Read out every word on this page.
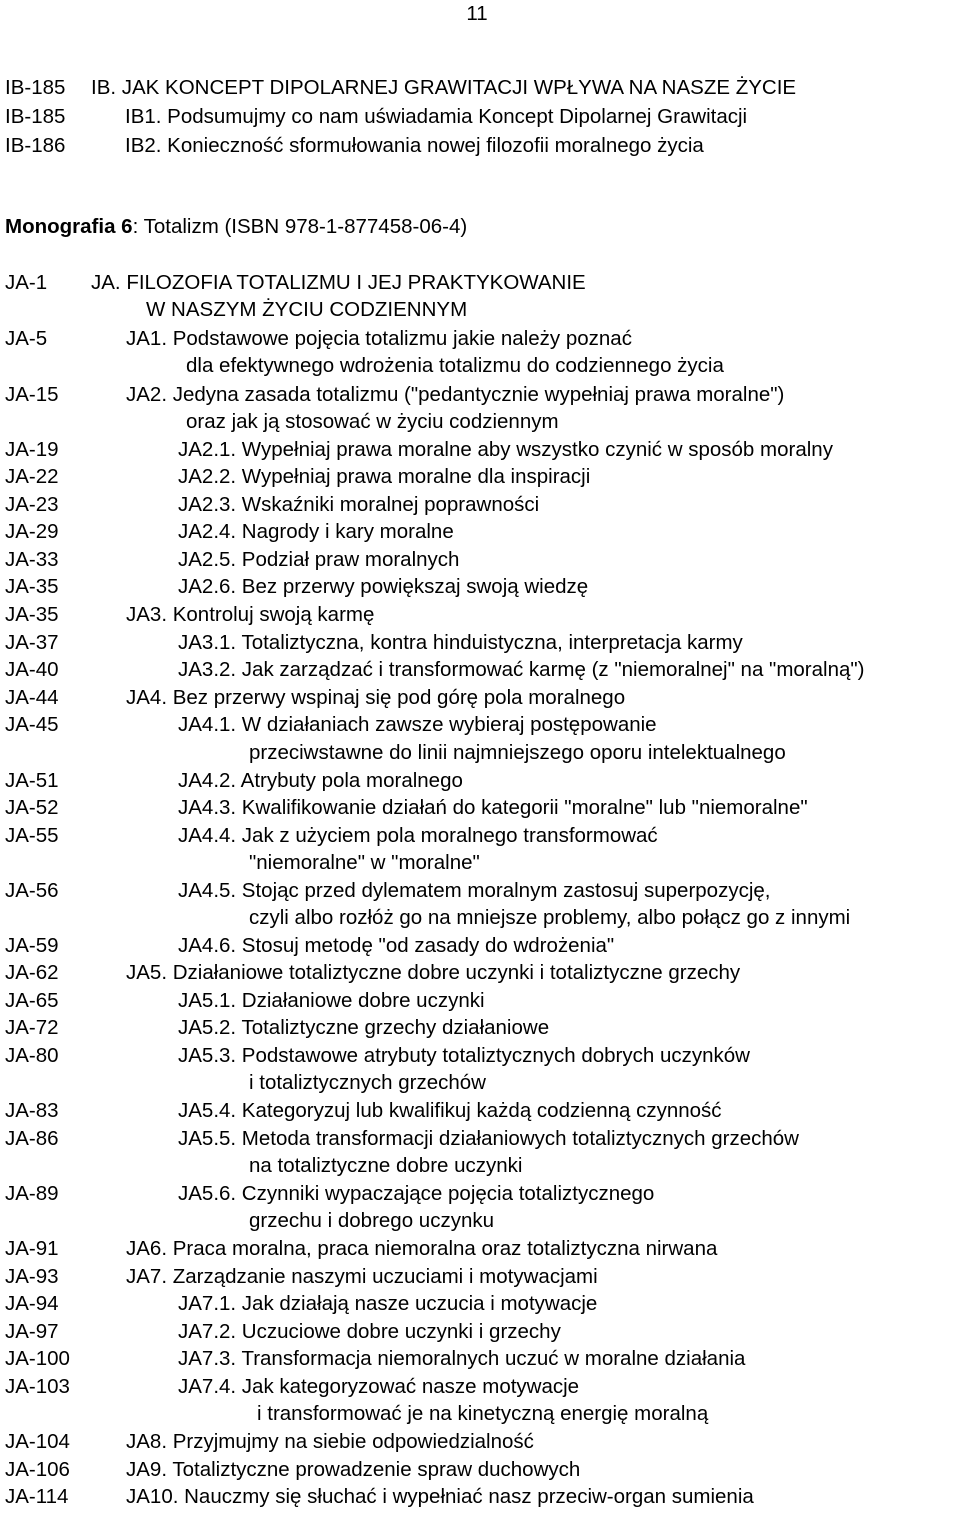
11
IB-185 IB. JAK KONCEPT DIPOLARNEJ GRAWITACJI WPŁYWA NA NASZE ŻYCIE
IB-185	IB1. Podsumujmy co nam uświadamia Koncept Dipolarnej Grawitacji
IB-186	IB2. Konieczność sformułowania nowej filozofii moralnego życia
Monografia 6: Totalizm (ISBN 978-1-877458-06-4)
JA-1
JA-5
JA-15
JA-19
JA-22
JA-23
JA-29
JA-33
JA-35
JA-35
JA-37
JA-40
JA-44
JA-45
JA-51
JA-52
JA-55
JA-56
JA-59
JA-62
JA-65
JA-72
JA-80
JA-83
JA-86
JA-89
JA-91
JA-93
JA-94
JA-97
JA-100
JA-103
JA-104
JA-106
JA-114
JA. FILOZOFIA TOTALIZMU I JEJ PRAKTYKOWANIE
W NASZYM ŻYCIU CODZIENNYM
JA1. Podstawowe pojęcia totalizmu jakie należy poznać
dla efektywnego wdrożenia totalizmu do codziennego życia
JA2. Jedyna zasada totalizmu ("pedantycznie wypełniaj prawa moralne")
oraz jak ją stosować w życiu codziennym
JA2.1. Wypełniaj prawa moralne aby wszystko czynić w sposób moralny
JA2.2. Wypełniaj prawa moralne dla inspiracji
JA2.3. Wskaźniki moralnej poprawności
JA2.4. Nagrody i kary moralne
JA2.5. Podział praw moralnych
JA2.6. Bez przerwy powiększaj swoją wiedzę
JA3. Kontroluj swoją karmę
JA3.1. Totaliztyczna, kontra hinduistyczna, interpretacja karmy
JA3.2. Jak zarządzać i transformować karmę (z "niemoralnej" na "moralną")
JA4. Bez przerwy wspinaj się pod górę pola moralnego
JA4.1. W działaniach zawsze wybieraj postępowanie
przeciwstawne do linii najmniejszego oporu intelektualnego
JA4.2. Atrybuty pola moralnego
JA4.3. Kwalifikowanie działań do kategorii "moralne" lub "niemoralne"
JA4.4. Jak z użyciem pola moralnego transformować
"niemoralne" w "moralne"
JA4.5. Stojąc przed dylematem moralnym zastosuj superpozycję,
czyli albo rozłóż go na mniejsze problemy, albo połącz go z innymi
JA4.6. Stosuj metodę "od zasady do wdrożenia"
JA5. Działaniowe totaliztyczne dobre uczynki i totaliztyczne grzechy
JA5.1. Działaniowe dobre uczynki
JA5.2. Totaliztyczne grzechy działaniowe
JA5.3. Podstawowe atrybuty totaliztycznych dobrych uczynków
i totaliztycznych grzechów
JA5.4. Kategoryzuj lub kwalifikuj każdą codzienną czynność
JA5.5. Metoda transformacji działaniowych totaliztycznych grzechów
na totaliztyczne dobre uczynki
JA5.6. Czynniki wypaczające pojęcia totaliztycznego
grzechu i dobrego uczynku
JA6. Praca moralna, praca niemoralna oraz totaliztyczna nirwana
JA7. Zarządzanie naszymi uczuciami i motywacjami
JA7.1. Jak działają nasze uczucia i motywacje
JA7.2. Uczuciowe dobre uczynki i grzechy
JA7.3. Transformacja niemoralnych uczuć w moralne działania
JA7.4. Jak kategoryzować nasze motywacje
i transformować je na kinetyczną energię moralną
JA8. Przyjmujmy na siebie odpowiedzialność
JA9. Totaliztyczne prowadzenie spraw duchowych
JA10. Nauczmy się słuchać i wypełniać nasz przeciw-organ sumienia
